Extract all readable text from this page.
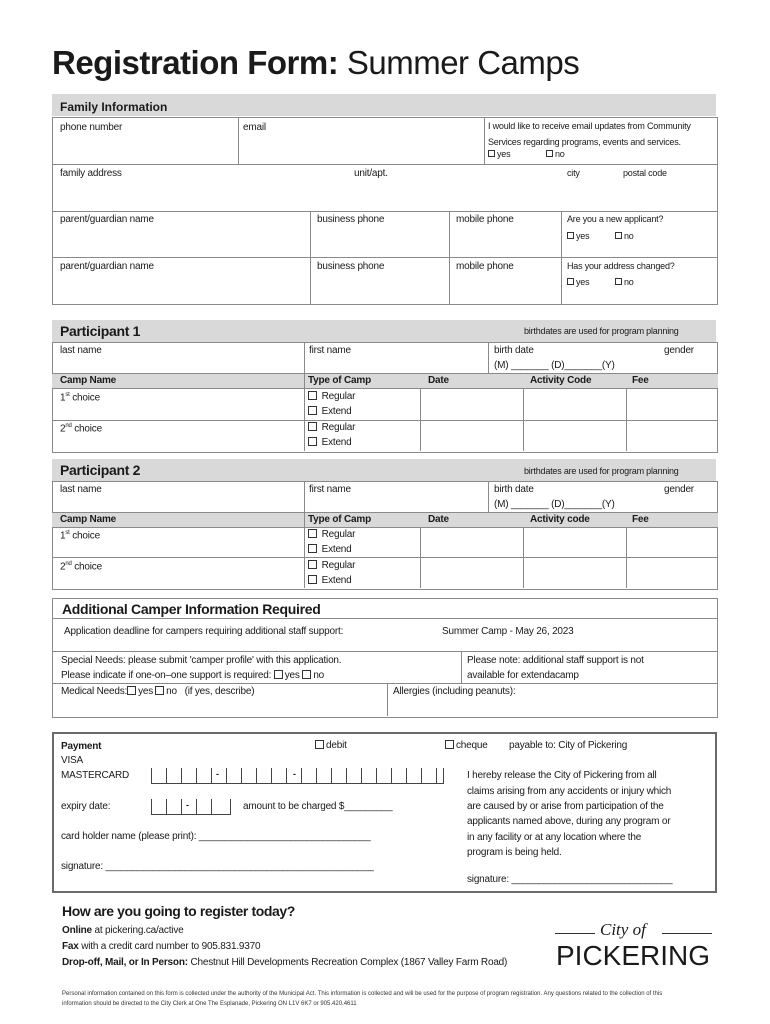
Registration Form: Summer Camps
Family Information
phone number	email	I would like to receive email updates from Community
Services regarding programs, events and services.
yes	no
family address	unit/apt.	city	postal code
parent/guardian name	business phone	mobile phone	Are you a new applicant?
yes	no
parent/guardian name	business phone	mobile phone	Has your address changed?
yes	no
Participant 1	birthdates are used for program planning
last name	first name	birth date
(M) _______ (D)_______(Y)
gender
Camp Name	Type of Camp	Date	Activity Code	Fee
1st choice	Regular
Extend
2nd choice	Regular
Extend
Participant 2	birthdates are used for program planning
last name	first name	birth date
(M) _______ (D)_______(Y)
gender
Camp Name	Type of Camp	Date	Activity code	Fee
1st choice	Regular
Extend
2nd choice	Regular
Extend
Additional Camper Information Required
Application deadline for campers requiring additional staff support:	Summer Camp - May 26, 2023
Special Needs: please submit 'camper profile' with this application.
Please indicate if one-on–one support is required: yes no
Please note: additional staff support is not
available for extendacamp
Medical Needs: yes no (if yes, describe)	Allergies (including peanuts):
Payment	debit	cheque payable to: City of Pickering
VISA
MASTERCARD	-	-
expiry date:	-	amount to be charged $_________
card holder name (please print): ________________________________
signature: __________________________________________________
I hereby release the City of Pickering from all
claims arising from any accidents or injury which
are caused by or arise from participation of the
applicants named above, during any program or
in any facility or at any location where the
program is being held.
signature: ______________________________
How are you going to register today?
Online at pickering.ca/active
Fax with a credit card number to 905.831.9370
Drop-off, Mail, or In Person: Chestnut Hill Developments Recreation Complex (1867 Valley Farm Road)
City of
PICKERING
Personal information contained on this form is collected under the authority of the Municipal Act. This information is collected and will be used for the purpose of program registration. Any questions related to the collection of this
information should be directed to the City Clerk at One The Esplanade, Pickering ON L1V 6K7 or 905.420.4611
